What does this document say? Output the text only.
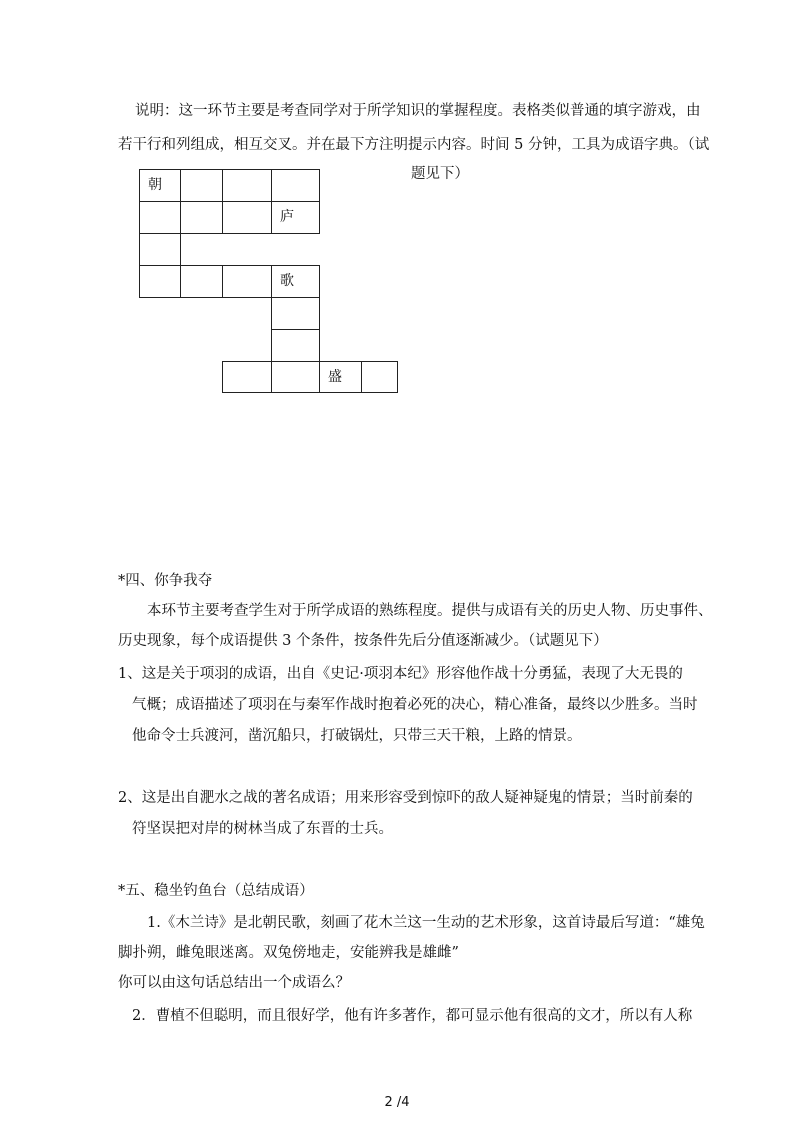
说明：这一环节主要是考查同学对于所学知识的掌握程度。表格类似普通的填字游戏，由
若干行和列组成，相互交叉。并在最下方注明提示内容。时间 5 分钟，工具为成语字典。（试
题见下）
朝
庐
歌
盛
*四、你争我夺
本环节主要考查学生对于所学成语的熟练程度。提供与成语有关的历史人物、历史事件、
历史现象，每个成语提供 3 个条件，按条件先后分值逐渐减少。（试题见下）
1、这是关于项羽的成语，出自《史记·项羽本纪》形容他作战十分勇猛，表现了大无畏的
气概；成语描述了项羽在与秦军作战时抱着必死的决心，精心准备，最终以少胜多。当时
他命令士兵渡河，凿沉船只，打破锅灶，只带三天干粮，上路的情景。
2、这是出自淝水之战的著名成语；用来形容受到惊吓的敌人疑神疑鬼的情景；当时前秦的
符坚误把对岸的树林当成了东晋的士兵。
*五、稳坐钓鱼台（总结成语）
1.《木兰诗》是北朝民歌，刻画了花木兰这一生动的艺术形象，这首诗最后写道：“雄兔
脚扑朔，雌兔眼迷离。双兔傍地走，安能辨我是雄雌”
你可以由这句话总结出一个成语么？
2．曹植不但聪明，而且很好学，他有许多著作，都可显示他有很高的文才，所以有人称
2 /4
